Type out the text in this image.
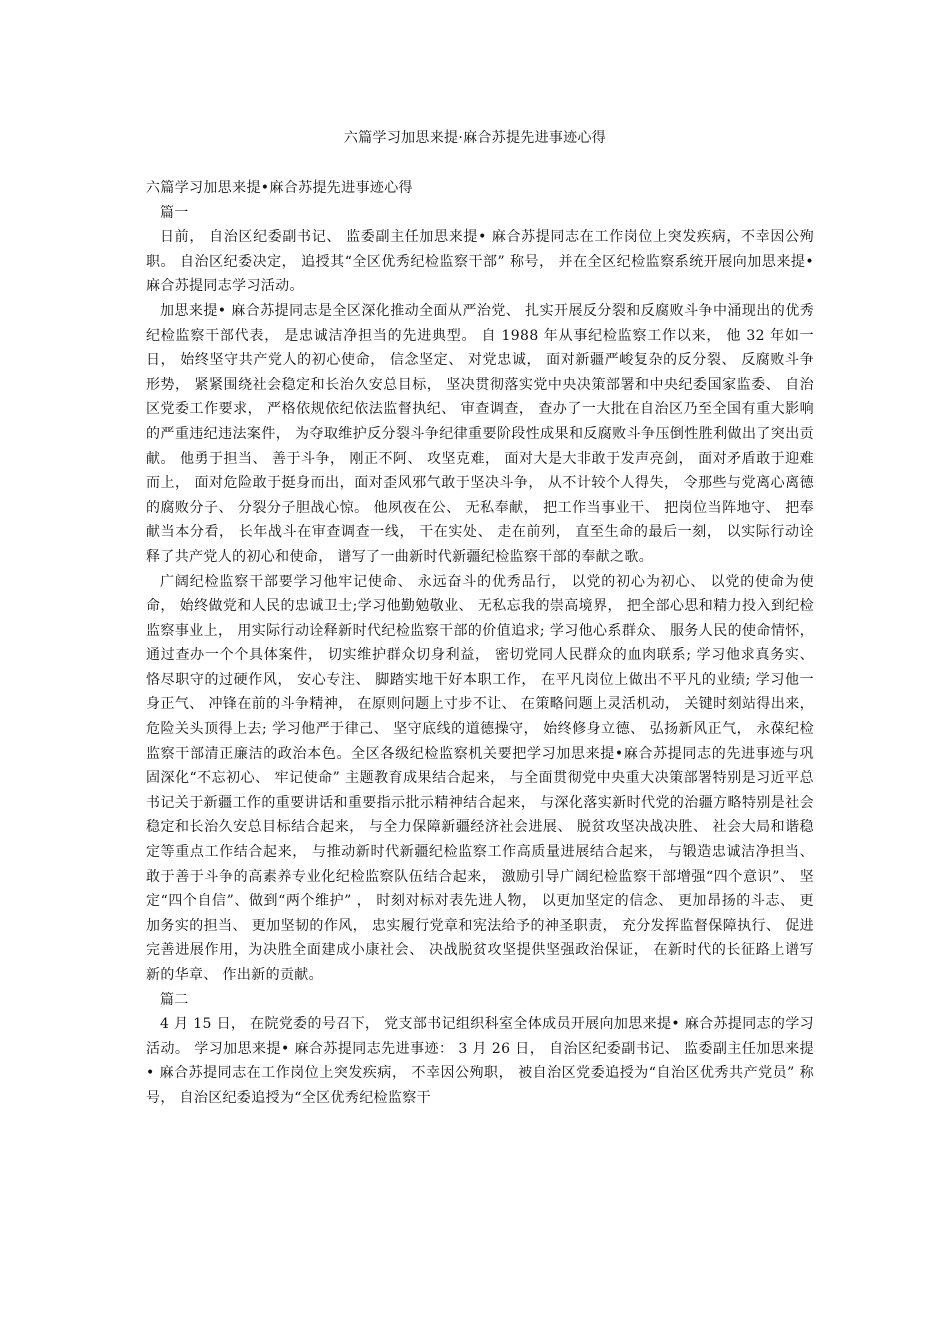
六篇学习加思来提·麻合苏提先进事迹心得

六篇学习加思来提•麻合苏提先进事迹心得

篇一

日前， 自治区纪委副书记、 监委副主任加思来提• 麻合苏提同志在工作岗位上突发疾病，不幸因公殉职。 自治区纪委决定， 追授其“全区优秀纪检监察干部” 称号， 并在全区纪检监察系统开展向加思来提• 麻合苏提同志学习活动。

加思来提• 麻合苏提同志是全区深化推动全面从严治党、 扎实开展反分裂和反腐败斗争中涌现出的优秀纪检监察干部代表， 是忠诚洁净担当的先进典型。 自 1988 年从事纪检监察工作以来， 他 32 年如一日， 始终坚守共产党人的初心使命， 信念坚定、 对党忠诚， 面对新疆严峻复杂的反分裂、 反腐败斗争形势， 紧紧围绕社会稳定和长治久安总目标， 坚决贯彻落实党中央决策部署和中央纪委国家监委、 自治区党委工作要求， 严格依规依纪依法监督执纪、 审查调查， 查办了一大批在自治区乃至全国有重大影响的严重违纪违法案件， 为夺取维护反分裂斗争纪律重要阶段性成果和反腐败斗争压倒性胜利做出了突出贡献。 他勇于担当、 善于斗争， 刚正不阿、 攻坚克难， 面对大是大非敢于发声亮剑， 面对矛盾敢于迎难而上， 面对危险敢于挺身而出，面对歪风邪气敢于坚决斗争， 从不计较个人得失， 令那些与党离心离德的腐败分子、 分裂分子胆战心惊。 他夙夜在公、 无私奉献， 把工作当事业干、 把岗位当阵地守、 把奉献当本分看， 长年战斗在审查调查一线， 干在实处、 走在前列， 直至生命的最后一刻， 以实际行动诠释了共产党人的初心和使命， 谱写了一曲新时代新疆纪检监察干部的奉献之歌。

广阔纪检监察干部要学习他牢记使命、 永远奋斗的优秀品行， 以党的初心为初心、 以党的使命为使命， 始终做党和人民的忠诚卫士;学习他勤勉敬业、 无私忘我的崇高境界， 把全部心思和精力投入到纪检监察事业上， 用实际行动诠释新时代纪检监察干部的价值追求; 学习他心系群众、 服务人民的使命情怀， 通过查办一个个具体案件， 切实维护群众切身利益， 密切党同人民群众的血肉联系; 学习他求真务实、 恪尽职守的过硬作风， 安心专注、 脚踏实地干好本职工作， 在平凡岗位上做出不平凡的业绩; 学习他一身正气、 冲锋在前的斗争精神， 在原则问题上寸步不让、 在策略问题上灵活机动， 关键时刻站得出来，危险关头顶得上去; 学习他严于律己、 坚守底线的道德操守， 始终修身立德、 弘扬新风正气， 永葆纪检监察干部清正廉洁的政治本色。全区各级纪检监察机关要把学习加思来提•麻合苏提同志的先进事迹与巩固深化“不忘初心、 牢记使命” 主题教育成果结合起来， 与全面贯彻党中央重大决策部署特别是习近平总书记关于新疆工作的重要讲话和重要指示批示精神结合起来， 与深化落实新时代党的治疆方略特别是社会稳定和长治久安总目标结合起来， 与全力保障新疆经济社会进展、 脱贫攻坚决战决胜、 社会大局和谐稳定等重点工作结合起来， 与推动新时代新疆纪检监察工作高质量进展结合起来， 与锻造忠诚洁净担当、 敢于善于斗争的高素养专业化纪检监察队伍结合起来， 激励引导广阔纪检监察干部增强“四个意识”、 坚定“四个自信”、做到“两个维护” ， 时刻对标对表先进人物， 以更加坚定的信念、 更加昂扬的斗志、 更加务实的担当、 更加坚韧的作风， 忠实履行党章和宪法给予的神圣职责， 充分发挥监督保障执行、 促进完善进展作用，为决胜全面建成小康社会、 决战脱贫攻坚提供坚强政治保证， 在新时代的长征路上谱写新的华章、 作出新的贡献。

篇二

4 月 15 日， 在院党委的号召下， 党支部书记组织科室全体成员开展向加思来提• 麻合苏提同志的学习活动。 学习加思来提• 麻合苏提同志先进事迹： 3 月 26 日， 自治区纪委副书记、 监委副主任加思来提• 麻合苏提同志在工作岗位上突发疾病， 不幸因公殉职， 被自治区党委追授为“自治区优秀共产党员” 称号， 自治区纪委追授为“全区优秀纪检监察干
